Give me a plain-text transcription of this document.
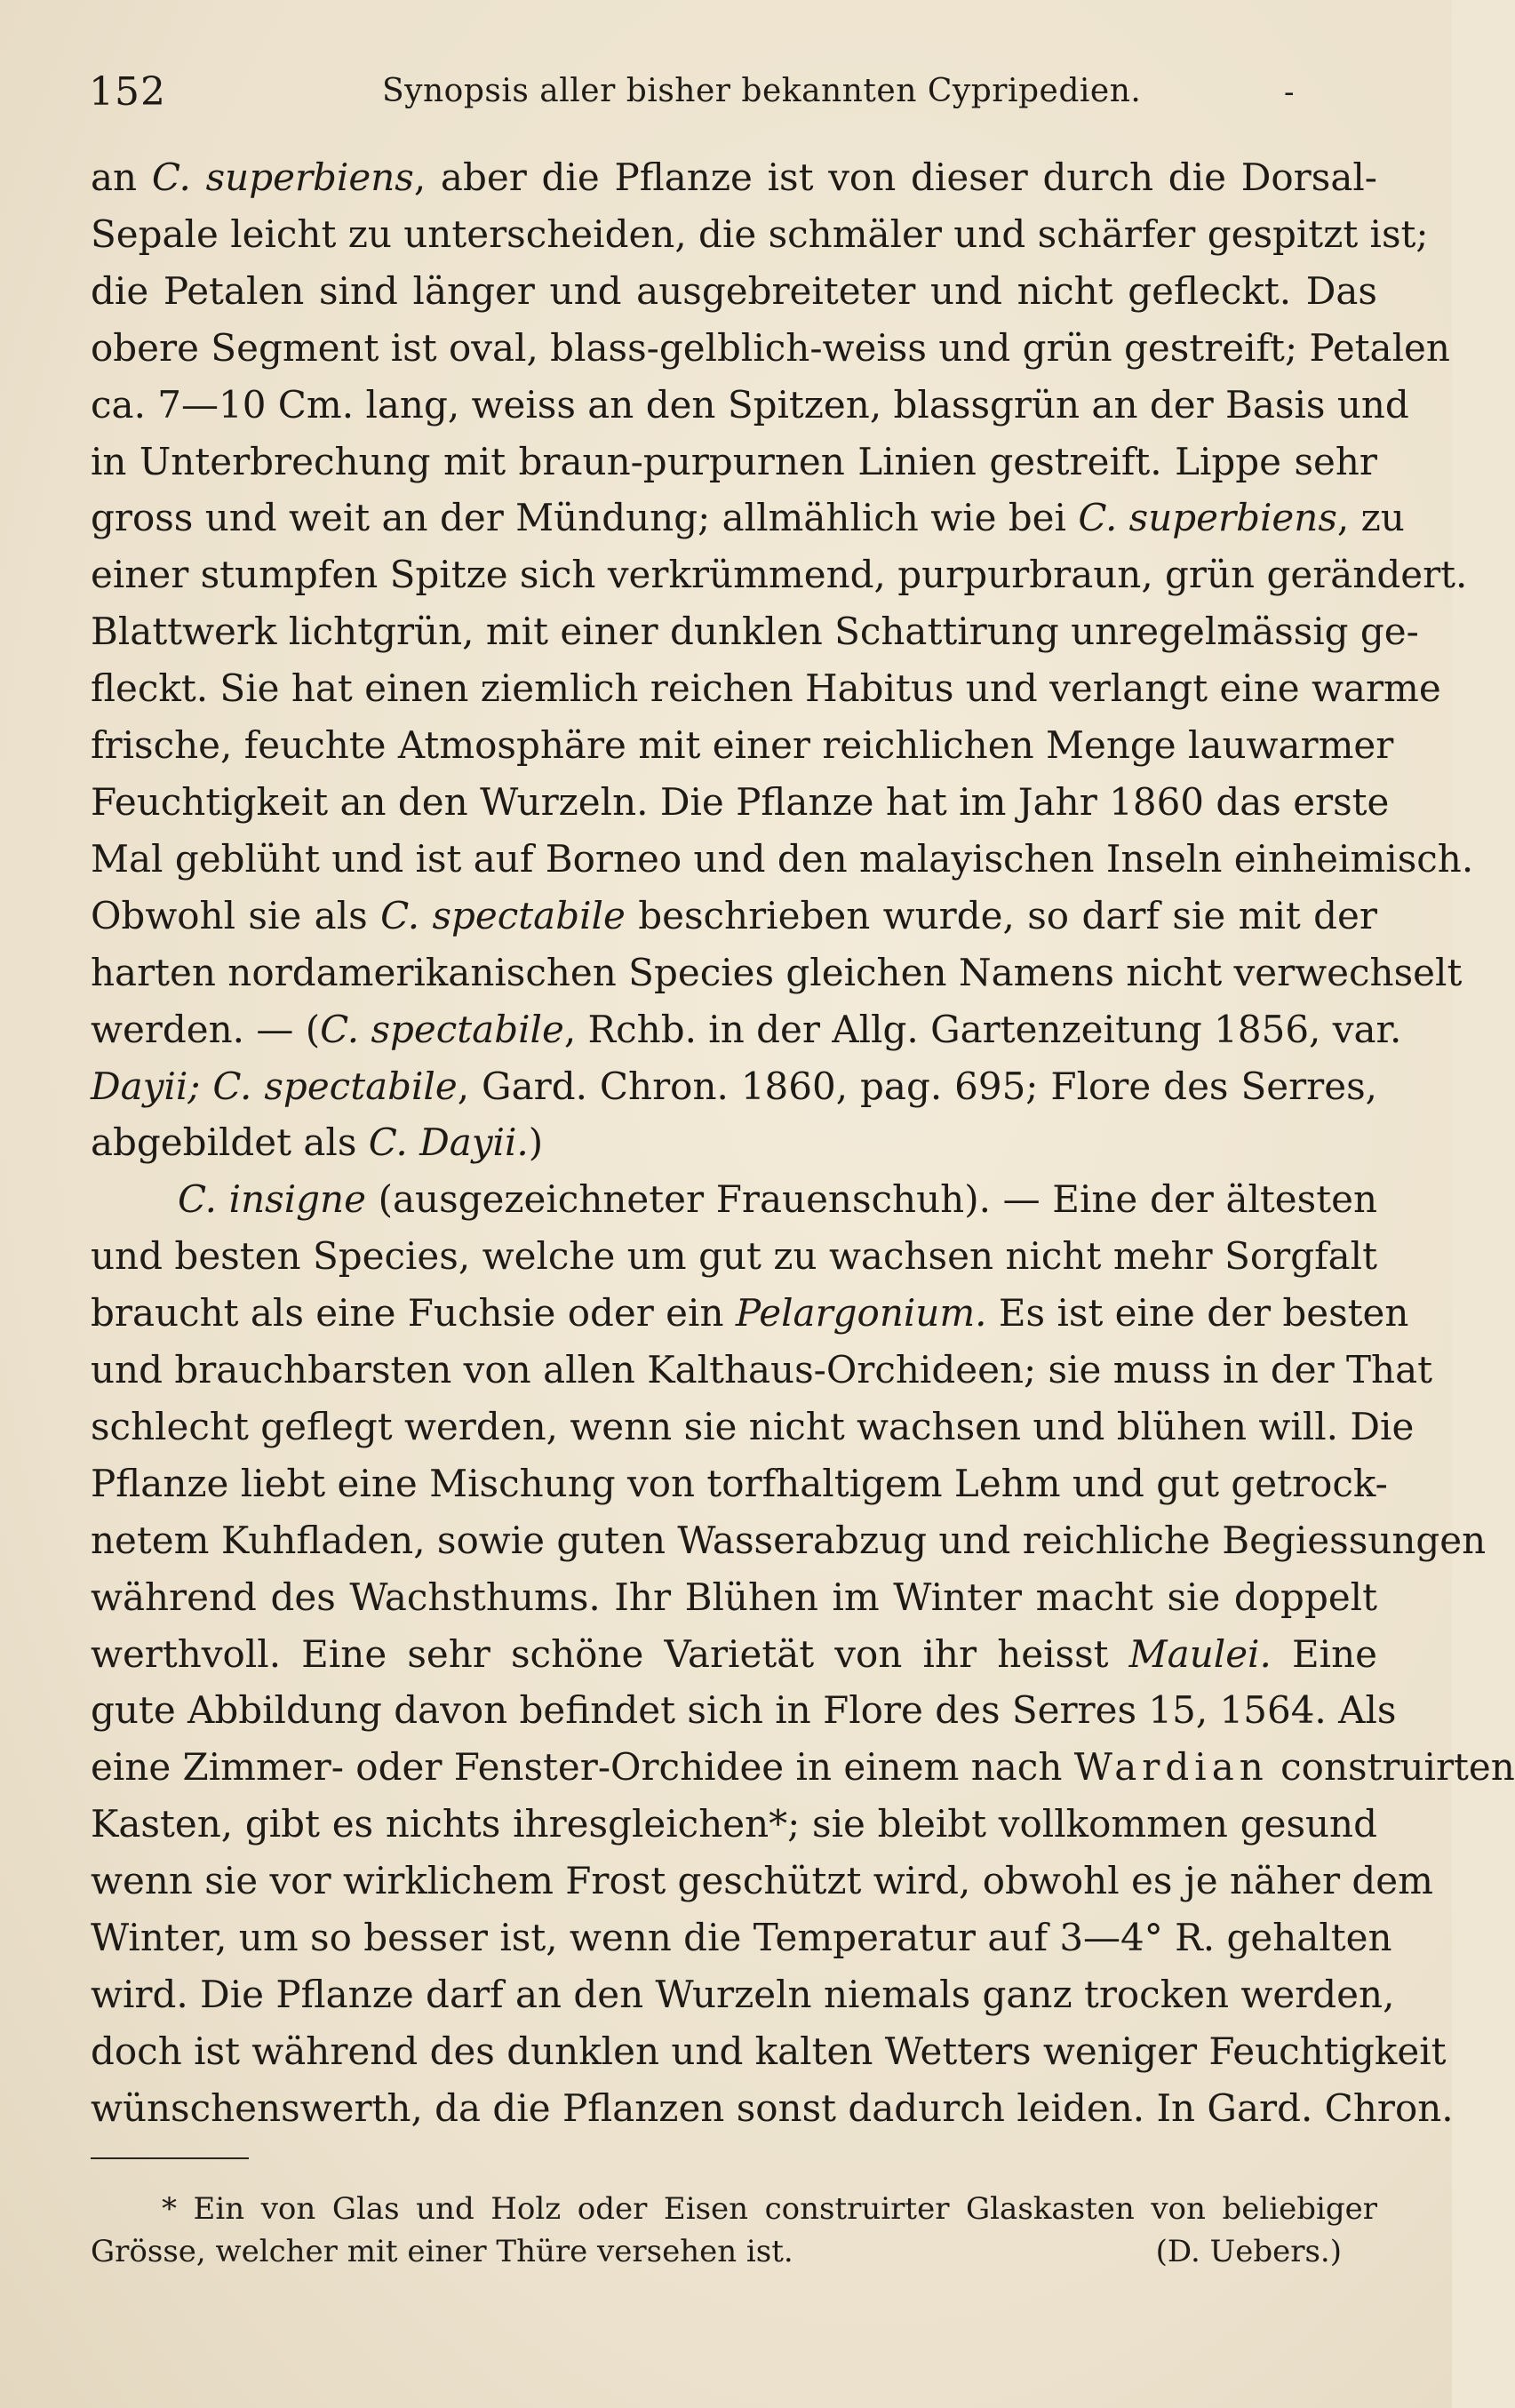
152	Synopsis aller bisher bekannten Cypripedien.	-
an C. superbiens, aber die Pflanze ist von dieser durch die Dorsal-
Sepale leicht zu unterscheiden, die schmäler und schärfer gespitzt ist;
die Petalen sind länger und ausgebreiteter und nicht gefleckt. Das
obere Segment ist oval, blass-gelblich-weiss und grün gestreift; Petalen
ca. 7—10 Cm. lang, weiss an den Spitzen, blassgrün an der Basis und
in Unterbrechung mit braun-purpurnen Linien gestreift. Lippe sehr
gross und weit an der Mündung; allmählich wie bei C. superbiens, zu
einer stumpfen Spitze sich verkrümmend, purpurbraun, grün gerändert.
Blattwerk lichtgrün, mit einer dunklen Schattirung unregelmässig ge-
fleckt. Sie hat einen ziemlich reichen Habitus und verlangt eine warme
frische, feuchte Atmosphäre mit einer reichlichen Menge lauwarmer
Feuchtigkeit an den Wurzeln. Die Pflanze hat im Jahr 1860 das erste
Mal geblüht und ist auf Borneo und den malayischen Inseln einheimisch.
Obwohl sie als C. spectabile beschrieben wurde, so darf sie mit der
harten nordamerikanischen Species gleichen Namens nicht verwechselt
werden. — (C. spectabile, Rchb. in der Allg. Gartenzeitung 1856, var.
Dayii; C. spectabile, Gard. Chron. 1860, pag. 695; Flore des Serres,
abgebildet als C. Dayii.)
C. insigne (ausgezeichneter Frauenschuh). — Eine der ältesten
und besten Species, welche um gut zu wachsen nicht mehr Sorgfalt
braucht als eine Fuchsie oder ein Pelargonium. Es ist eine der besten
und brauchbarsten von allen Kalthaus-Orchideen; sie muss in der That
schlecht geflegt werden, wenn sie nicht wachsen und blühen will. Die
Pflanze liebt eine Mischung von torfhaltigem Lehm und gut getrock-
netem Kuhfladen, sowie guten Wasserabzug und reichliche Begiessungen
während des Wachsthums. Ihr Blühen im Winter macht sie doppelt
werthvoll. Eine sehr schöne Varietät von ihr heisst Maulei. Eine
gute Abbildung davon befindet sich in Flore des Serres 15, 1564. Als
eine Zimmer- oder Fenster-Orchidee in einem nach Wardian construirten
Kasten, gibt es nichts ihresgleichen*; sie bleibt vollkommen gesund
wenn sie vor wirklichem Frost geschützt wird, obwohl es je näher dem
Winter, um so besser ist, wenn die Temperatur auf 3—4° R. gehalten
wird. Die Pflanze darf an den Wurzeln niemals ganz trocken werden,
doch ist während des dunklen und kalten Wetters weniger Feuchtigkeit
wünschenswerth, da die Pflanzen sonst dadurch leiden. In Gard. Chron.
* Ein von Glas und Holz oder Eisen construirter Glaskasten von beliebiger
Grösse, welcher mit einer Thüre versehen ist.	(D. Uebers.)
